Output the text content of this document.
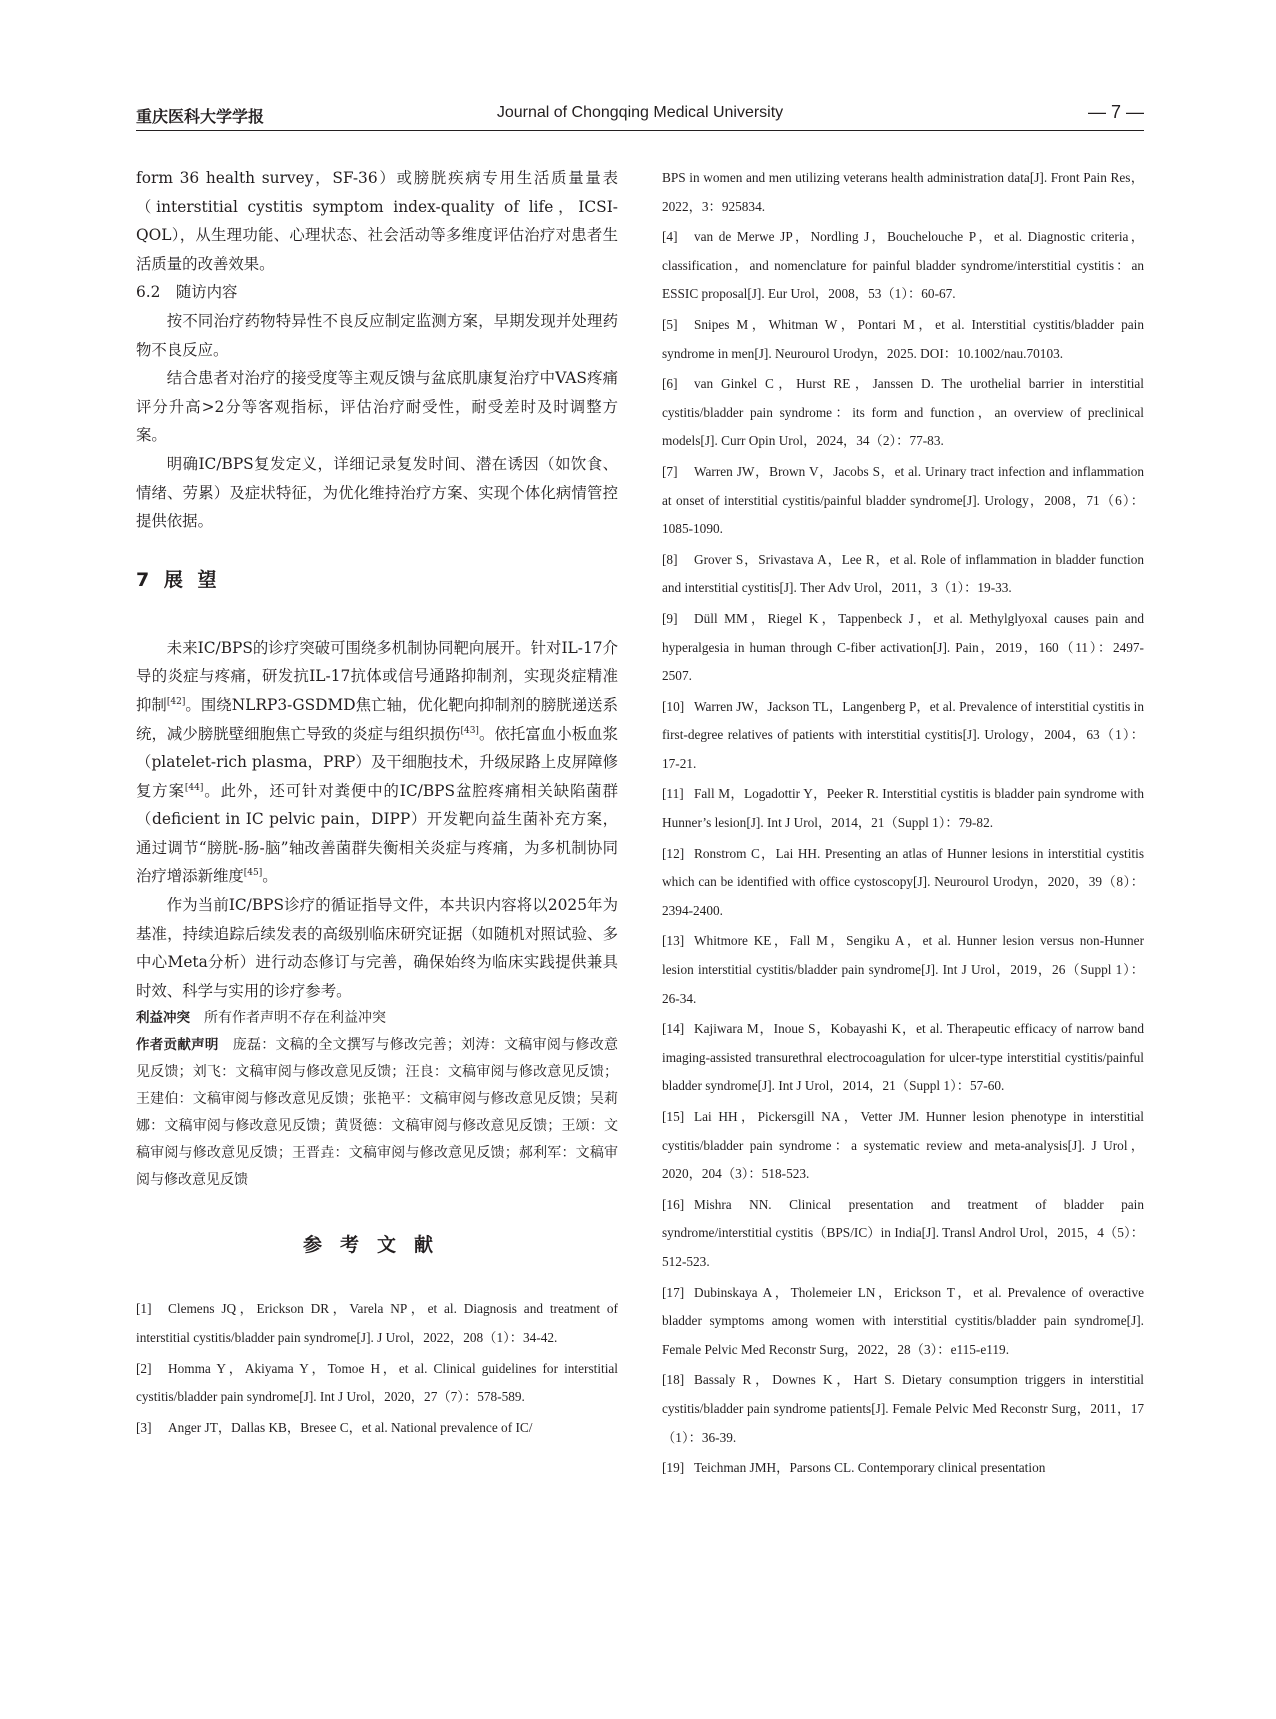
重庆医科大学学报	Journal of Chongqing Medical University	— 7 —

form 36 health survey，SF-36）或膀胱疾病专用生活质量量表（interstitial cystitis symptom index-quality of life，ICSI-QOL），从生理功能、心理状态、社会活动等多维度评估治疗对患者生活质量的改善效果。

6.2　随访内容

按不同治疗药物特异性不良反应制定监测方案，早期发现并处理药物不良反应。

结合患者对治疗的接受度等主观反馈与盆底肌康复治疗中VAS疼痛评分升高>2分等客观指标，评估治疗耐受性，耐受差时及时调整方案。

明确IC/BPS复发定义，详细记录复发时间、潜在诱因（如饮食、情绪、劳累）及症状特征，为优化维持治疗方案、实现个体化病情管控提供依据。

7 展 望

未来IC/BPS的诊疗突破可围绕多机制协同靶向展开。针对IL-17介导的炎症与疼痛，研发抗IL-17抗体或信号通路抑制剂，实现炎症精准抑制[42]。围绕NLRP3-GSDMD焦亡轴，优化靶向抑制剂的膀胱递送系统，减少膀胱壁细胞焦亡导致的炎症与组织损伤[43]。依托富血小板血浆（platelet-rich plasma，PRP）及干细胞技术，升级尿路上皮屏障修复方案[44]。此外，还可针对粪便中的IC/BPS盆腔疼痛相关缺陷菌群（deficient in IC pelvic pain，DIPP）开发靶向益生菌补充方案，通过调节“膀胱-肠-脑”轴改善菌群失衡相关炎症与疼痛，为多机制协同治疗增添新维度[45]。

作为当前IC/BPS诊疗的循证指导文件，本共识内容将以2025年为基准，持续追踪后续发表的高级别临床研究证据（如随机对照试验、多中心Meta分析）进行动态修订与完善，确保始终为临床实践提供兼具时效、科学与实用的诊疗参考。

利益冲突 所有作者声明不存在利益冲突

作者贡献声明 庞磊：文稿的全文撰写与修改完善；刘涛：文稿审阅与修改意见反馈；刘飞：文稿审阅与修改意见反馈；汪良：文稿审阅与修改意见反馈；王建伯：文稿审阅与修改意见反馈；张艳平：文稿审阅与修改意见反馈；吴莉娜：文稿审阅与修改意见反馈；黄贤德：文稿审阅与修改意见反馈；王颂：文稿审阅与修改意见反馈；王晋垚：文稿审阅与修改意见反馈；郝利军：文稿审阅与修改意见反馈

参考文献

[1] Clemens JQ，Erickson DR，Varela NP，et al. Diagnosis and treatment of interstitial cystitis/bladder pain syndrome[J]. J Urol，2022，208（1）：34-42.

[2] Homma Y，Akiyama Y，Tomoe H，et al. Clinical guidelines for interstitial cystitis/bladder pain syndrome[J]. Int J Urol，2020，27（7）：578-589.

[3] Anger JT，Dallas KB，Bresee C，et al. National prevalence of IC/

BPS in women and men utilizing veterans health administration data[J]. Front Pain Res，2022，3：925834.

[4] van de Merwe JP，Nordling J，Bouchelouche P，et al. Diagnostic criteria，classification，and nomenclature for painful bladder syndrome/interstitial cystitis：an ESSIC proposal[J]. Eur Urol，2008，53（1）：60-67.

[5] Snipes M，Whitman W，Pontari M，et al. Interstitial cystitis/bladder pain syndrome in men[J]. Neurourol Urodyn，2025. DOI：10.1002/nau.70103.

[6] van Ginkel C，Hurst RE，Janssen D. The urothelial barrier in interstitial cystitis/bladder pain syndrome：its form and function，an overview of preclinical models[J]. Curr Opin Urol，2024，34（2）：77-83.

[7] Warren JW，Brown V，Jacobs S，et al. Urinary tract infection and inflammation at onset of interstitial cystitis/painful bladder syndrome[J]. Urology，2008，71（6）：1085-1090.

[8] Grover S，Srivastava A，Lee R，et al. Role of inflammation in bladder function and interstitial cystitis[J]. Ther Adv Urol，2011，3（1）：19-33.

[9] Düll MM，Riegel K，Tappenbeck J，et al. Methylglyoxal causes pain and hyperalgesia in human through C-fiber activation[J]. Pain，2019，160（11）：2497-2507.

[10] Warren JW，Jackson TL，Langenberg P，et al. Prevalence of interstitial cystitis in first-degree relatives of patients with interstitial cystitis[J]. Urology，2004，63（1）：17-21.

[11] Fall M，Logadottir Y，Peeker R. Interstitial cystitis is bladder pain syndrome with Hunner’s lesion[J]. Int J Urol，2014，21（Suppl 1）：79-82.

[12] Ronstrom C，Lai HH. Presenting an atlas of Hunner lesions in interstitial cystitis which can be identified with office cystoscopy[J]. Neurourol Urodyn，2020，39（8）：2394-2400.

[13] Whitmore KE，Fall M，Sengiku A，et al. Hunner lesion versus non-Hunner lesion interstitial cystitis/bladder pain syndrome[J]. Int J Urol，2019，26（Suppl 1）：26-34.

[14] Kajiwara M，Inoue S，Kobayashi K，et al. Therapeutic efficacy of narrow band imaging-assisted transurethral electrocoagulation for ulcer-type interstitial cystitis/painful bladder syndrome[J]. Int J Urol，2014，21（Suppl 1）：57-60.

[15] Lai HH，Pickersgill NA，Vetter JM. Hunner lesion phenotype in interstitial cystitis/bladder pain syndrome：a systematic review and meta-analysis[J]. J Urol，2020，204（3）：518-523.

[16] Mishra NN. Clinical presentation and treatment of bladder pain syndrome/interstitial cystitis（BPS/IC）in India[J]. Transl Androl Urol，2015，4（5）：512-523.

[17] Dubinskaya A，Tholemeier LN，Erickson T，et al. Prevalence of overactive bladder symptoms among women with interstitial cystitis/bladder pain syndrome[J]. Female Pelvic Med Reconstr Surg，2022，28（3）：e115-e119.

[18] Bassaly R，Downes K，Hart S. Dietary consumption triggers in interstitial cystitis/bladder pain syndrome patients[J]. Female Pelvic Med Reconstr Surg，2011，17（1）：36-39.

[19] Teichman JMH，Parsons CL. Contemporary clinical presentation
